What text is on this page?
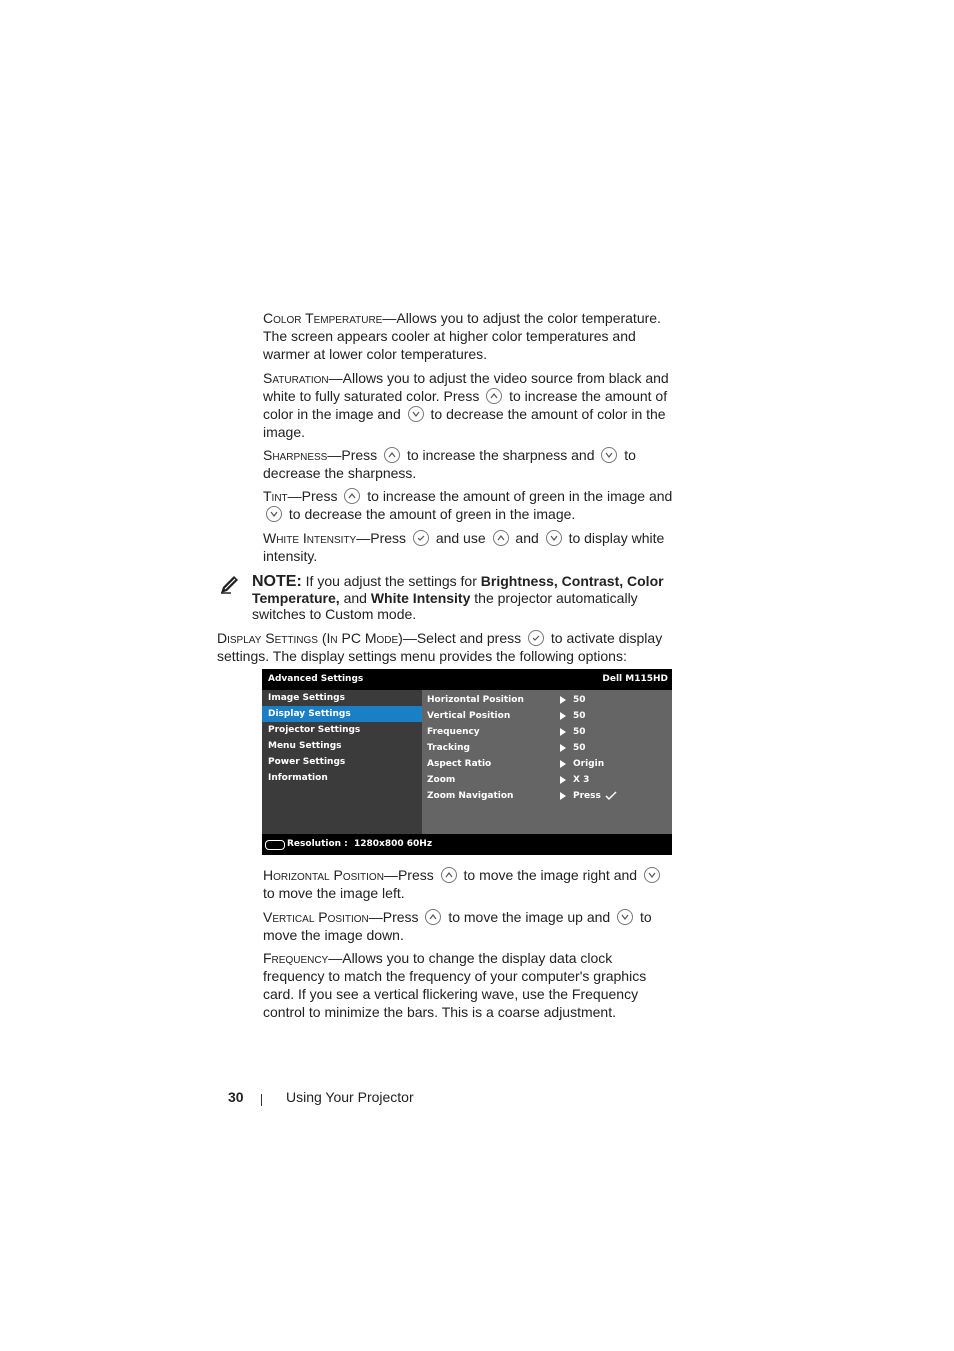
Color Temperature—Allows you to adjust the color temperature. The screen appears cooler at higher color temperatures and warmer at lower color temperatures.

Saturation—Allows you to adjust the video source from black and white to fully saturated color. Press to increase the amount of color in the image and to decrease the amount of color in the image.

Sharpness—Press to increase the sharpness and to decrease the sharpness.

Tint—Press to increase the amount of green in the image and
to decrease the amount of green in the image.

White Intensity—Press and use and to display white intensity.

NOTE: If you adjust the settings for Brightness, Contrast, Color Temperature, and White Intensity the projector automatically switches to Custom mode.
Display Settings (In PC Mode)—Select and press to activate display settings. The display settings menu provides the following options:
Advanced Settings	Dell M115HD
Image Settings
Display Settings
Projector Settings
Menu Settings
Power Settings
Information
Horizontal Position	50
Vertical Position	50
Frequency	50
Tracking	50
Aspect Ratio	Origin
Zoom	X 3
Zoom Navigation	Press
Resolution : 1280x800 60Hz

Horizontal Position—Press to move the image right and
to move the image left.

Vertical Position—Press to move the image up and to move the image down.

Frequency—Allows you to change the display data clock frequency to match the frequency of your computer's graphics card. If you see a vertical flickering wave, use the Frequency control to minimize the bars. This is a coarse adjustment.

30	Using Your Projector
